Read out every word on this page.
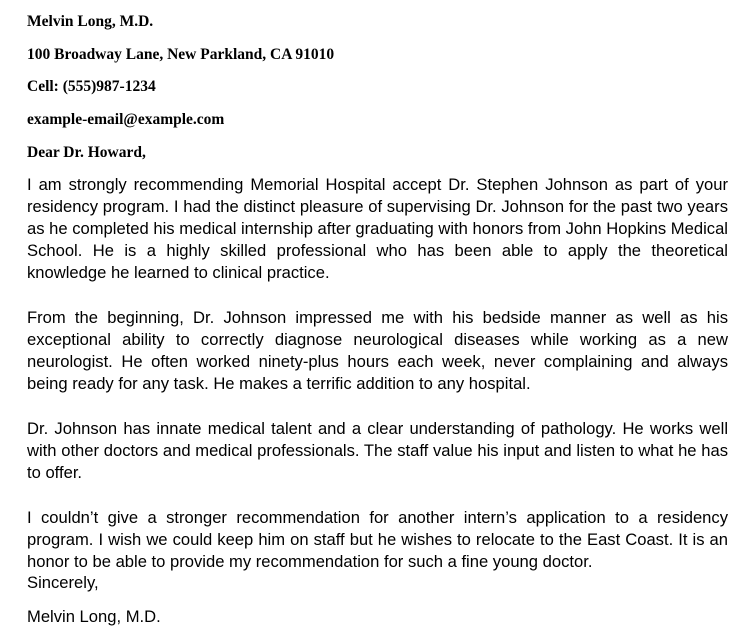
Melvin Long, M.D.
100 Broadway Lane, New Parkland, CA 91010
Cell: (555)987-1234
example-email@example.com
Dear Dr. Howard,

I am strongly recommending Memorial Hospital accept Dr. Stephen Johnson as part of your residency program. I had the distinct pleasure of supervising Dr. Johnson for the past two years as he completed his medical internship after graduating with honors from John Hopkins Medical School. He is a highly skilled professional who has been able to apply the theoretical knowledge he learned to clinical practice.

From the beginning, Dr. Johnson impressed me with his bedside manner as well as his exceptional ability to correctly diagnose neurological diseases while working as a new neurologist. He often worked ninety-plus hours each week, never complaining and always being ready for any task. He makes a terrific addition to any hospital.

Dr. Johnson has innate medical talent and a clear understanding of pathology. He works well with other doctors and medical professionals. The staff value his input and listen to what he has to offer.

I couldn’t give a stronger recommendation for another intern’s application to a residency program. I wish we could keep him on staff but he wishes to relocate to the East Coast. It is an honor to be able to provide my recommendation for such a fine young doctor.

Sincerely,
Melvin Long, M.D.
